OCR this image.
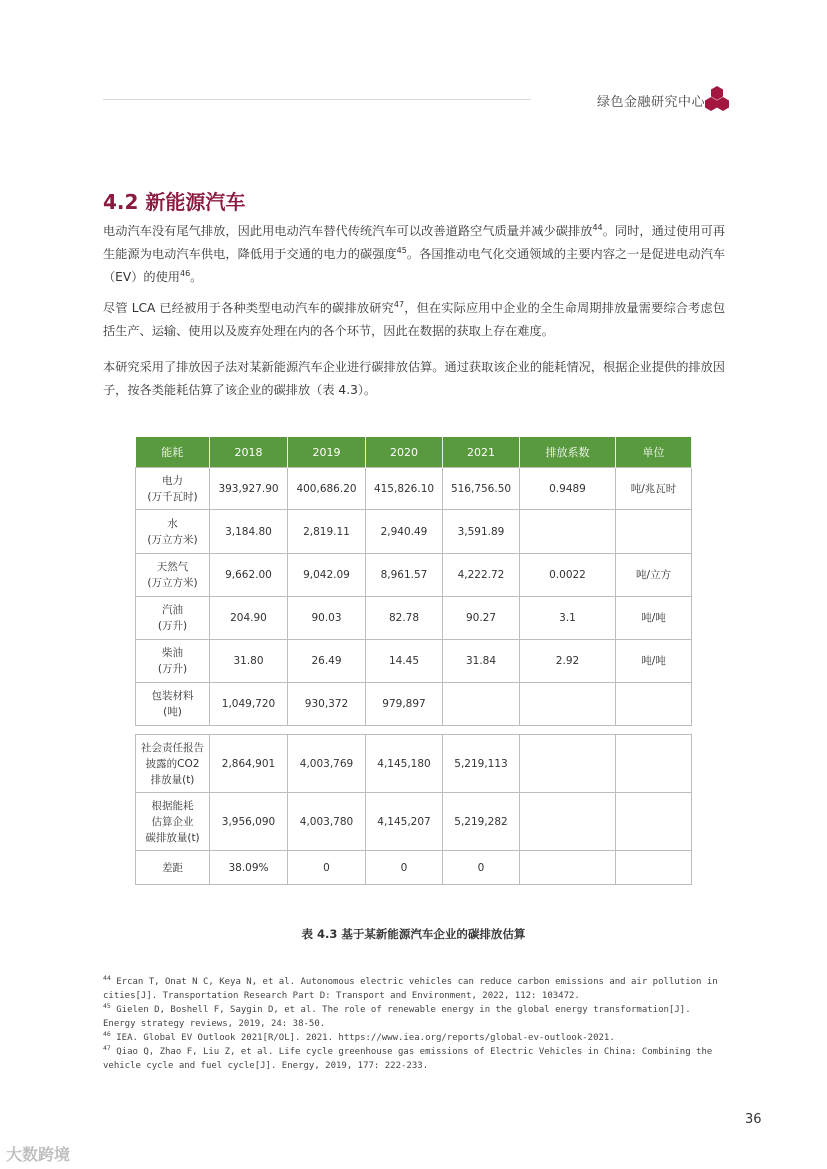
绿色金融研究中心
4.2 新能源汽车

电动汽车没有尾气排放，因此用电动汽车替代传统汽车可以改善道路空气质量并减少碳排放$^{44}$。同时，通过使用可再生能源为电动汽车供电，降低用于交通的电力的碳强度$^{45}$。各国推动电气化交通领域的主要内容之一是促进电动汽车（EV）的使用$^{46}$。

尽管 LCA 已经被用于各种类型电动汽车的碳排放研究$^{47}$，但在实际应用中企业的全生命周期排放量需要综合考虑包括生产、运输、使用以及废弃处理在内的各个环节，因此在数据的获取上存在难度。

本研究采用了排放因子法对某新能源汽车企业进行碳排放估算。通过获取该企业的能耗情况，根据企业提供的排放因子，按各类能耗估算了该企业的碳排放（表 4.3）。

能耗	2018	2019	2020	2021	排放系数	单位
电力
(万千瓦时)	393,927.90	400,686.20	415,826.10	516,756.50	0.9489	吨/兆瓦时
水
(万立方米)	3,184.80	2,819.11	2,940.49	3,591.89		
天然气
(万立方米)	9,662.00	9,042.09	8,961.57	4,222.72	0.0022	吨/立方
汽油
(万升)	204.90	90.03	82.78	90.27	3.1	吨/吨
柴油
(万升)	31.80	26.49	14.45	31.84	2.92	吨/吨
包装材料
(吨)	1,049,720	930,372	979,897			

社会责任报告
披露的CO2
排放量(t)	2,864,901	4,003,769	4,145,180	5,219,113		
根据能耗
估算企业
碳排放量(t)	3,956,090	4,003,780	4,145,207	5,219,282		
差距	38.09%	0	0	0		
表 4.3 基于某新能源汽车企业的碳排放估算

$^{44}$ Ercan T, Onat N C, Keya N, et al. Autonomous electric vehicles can reduce carbon emissions and air pollution in cities[J]. Transportation Research Part D: Transport and Environment, 2022, 112: 103472.

$^{45}$ Gielen D, Boshell F, Saygin D, et al. The role of renewable energy in the global energy transformation[J]. Energy strategy reviews, 2019, 24: 38-50.

$^{46}$ IEA. Global EV Outlook 2021[R/OL]. 2021. https://www.iea.org/reports/global-ev-outlook-2021.

$^{47}$ Qiao Q, Zhao F, Liu Z, et al. Life cycle greenhouse gas emissions of Electric Vehicles in China: Combining the vehicle cycle and fuel cycle[J]. Energy, 2019, 177: 222-233.

36
大数跨境
